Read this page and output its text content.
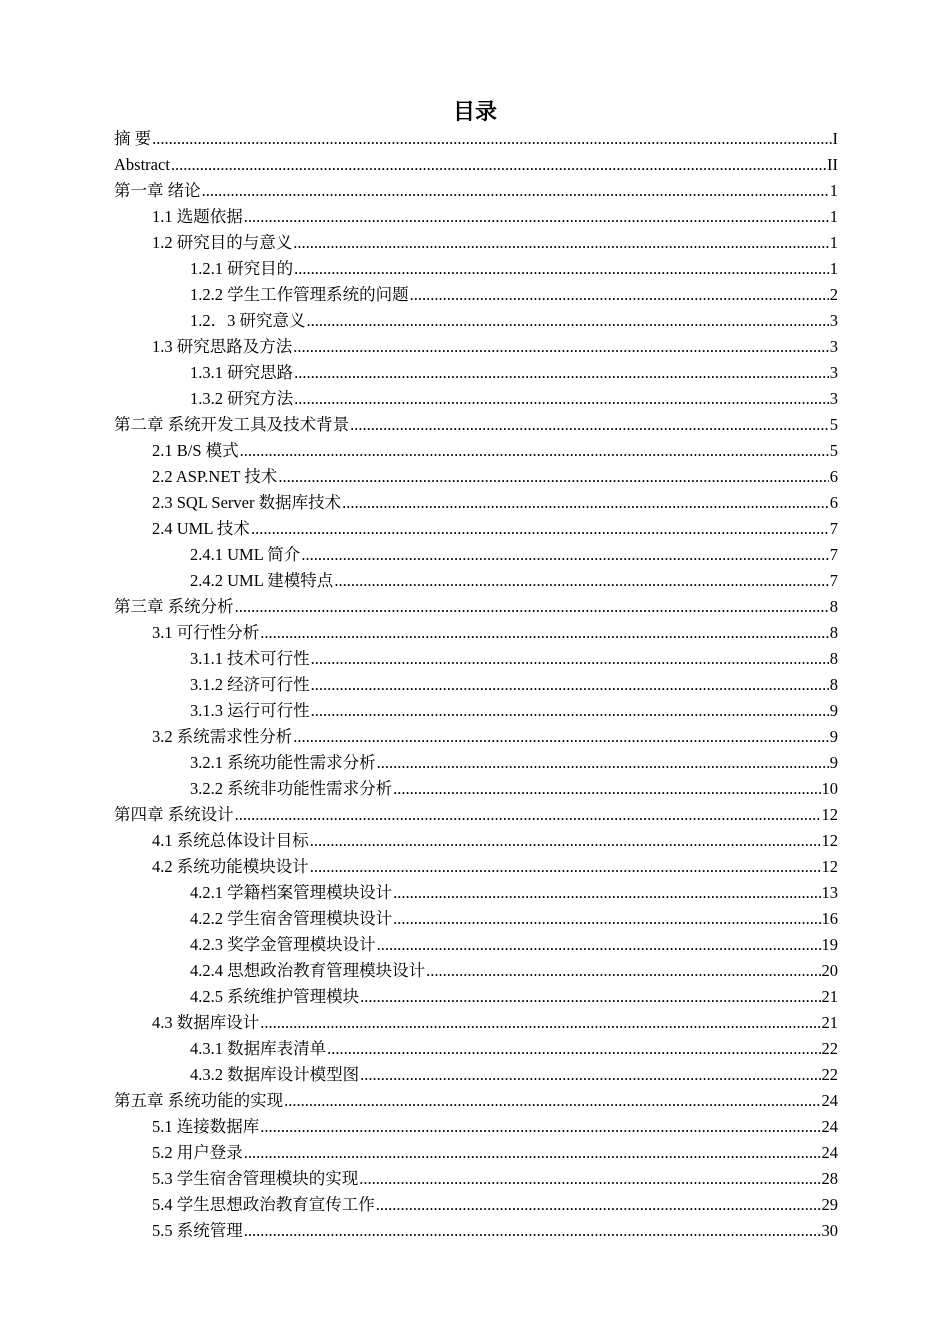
目录
摘 要 .....	I
Abstract .....	II
第一章 绪论 .....	1
1.1 选题依据 .....	1
1.2 研究目的与意义 .....	1
1.2.1 研究目的 .....	1
1.2.2 学生工作管理系统的问题 .....	2
1.2．3 研究意义 .....	3
1.3 研究思路及方法 .....	3
1.3.1 研究思路 .....	3
1.3.2 研究方法 .....	3
第二章 系统开发工具及技术背景 .....	5
2.1 B/S 模式 .....	5
2.2 ASP.NET 技术 .....	6
2.3 SQL Server 数据库技术 .....	6
2.4 UML 技术 .....	7
2.4.1 UML 简介 .....	7
2.4.2 UML 建模特点 .....	7
第三章 系统分析 .....	8
3.1 可行性分析 .....	8
3.1.1 技术可行性 .....	8
3.1.2 经济可行性 .....	8
3.1.3 运行可行性 .....	9
3.2 系统需求性分析 .....	9
3.2.1 系统功能性需求分析 .....	9
3.2.2 系统非功能性需求分析 .....	10
第四章 系统设计 .....	12
4.1 系统总体设计目标 .....	12
4.2 系统功能模块设计 .....	12
4.2.1 学籍档案管理模块设计 .....	13
4.2.2 学生宿舍管理模块设计 .....	16
4.2.3 奖学金管理模块设计 .....	19
4.2.4 思想政治教育管理模块设计 .....	20
4.2.5 系统维护管理模块 .....	21
4.3 数据库设计 .....	21
4.3.1 数据库表清单 .....	22
4.3.2 数据库设计模型图 .....	22
第五章 系统功能的实现 .....	24
5.1 连接数据库 .....	24
5.2 用户登录 .....	24
5.3 学生宿舍管理模块的实现 .....	28
5.4 学生思想政治教育宣传工作 .....	29
5.5 系统管理 .....	30
